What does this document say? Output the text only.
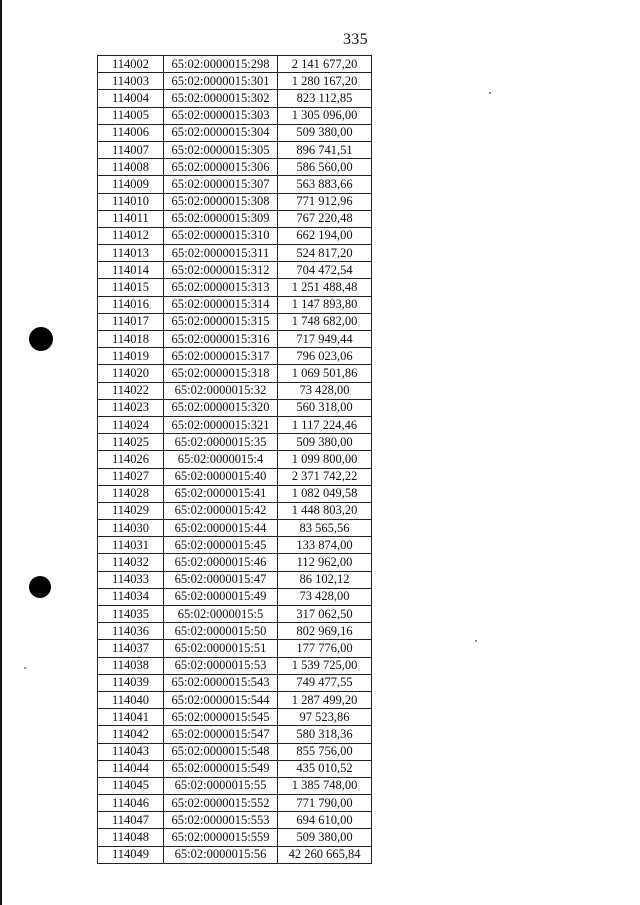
335
114002	65:02:0000015:298	2 141 677,20
114003	65:02:0000015:301	1 280 167,20
114004	65:02:0000015:302	823 112,85
114005	65:02:0000015:303	1 305 096,00
114006	65:02:0000015:304	509 380,00
114007	65:02:0000015:305	896 741,51
114008	65:02:0000015:306	586 560,00
114009	65:02:0000015:307	563 883,66
114010	65:02:0000015:308	771 912,96
114011	65:02:0000015:309	767 220,48
114012	65:02:0000015:310	662 194,00
114013	65:02:0000015:311	524 817,20
114014	65:02:0000015:312	704 472,54
114015	65:02:0000015:313	1 251 488,48
114016	65:02:0000015:314	1 147 893,80
114017	65:02:0000015:315	1 748 682,00
114018	65:02:0000015:316	717 949,44
114019	65:02:0000015:317	796 023,06
114020	65:02:0000015:318	1 069 501,86
114022	65:02:0000015:32	73 428,00
114023	65:02:0000015:320	560 318,00
114024	65:02:0000015:321	1 117 224,46
114025	65:02:0000015:35	509 380,00
114026	65:02:0000015:4	1 099 800,00
114027	65:02:0000015:40	2 371 742,22
114028	65:02:0000015:41	1 082 049,58
114029	65:02:0000015:42	1 448 803,20
114030	65:02:0000015:44	83 565,56
114031	65:02:0000015:45	133 874,00
114032	65:02:0000015:46	112 962,00
114033	65:02:0000015:47	86 102,12
114034	65:02:0000015:49	73 428,00
114035	65:02:0000015:5	317 062,50
114036	65:02:0000015:50	802 969,16
114037	65:02:0000015:51	177 776,00
114038	65:02:0000015:53	1 539 725,00
114039	65:02:0000015:543	749 477,55
114040	65:02:0000015:544	1 287 499,20
114041	65:02:0000015:545	97 523,86
114042	65:02:0000015:547	580 318,36
114043	65:02:0000015:548	855 756,00
114044	65:02:0000015:549	435 010,52
114045	65:02:0000015:55	1 385 748,00
114046	65:02:0000015:552	771 790,00
114047	65:02:0000015:553	694 610,00
114048	65:02:0000015:559	509 380,00
114049	65:02:0000015:56	42 260 665,84
